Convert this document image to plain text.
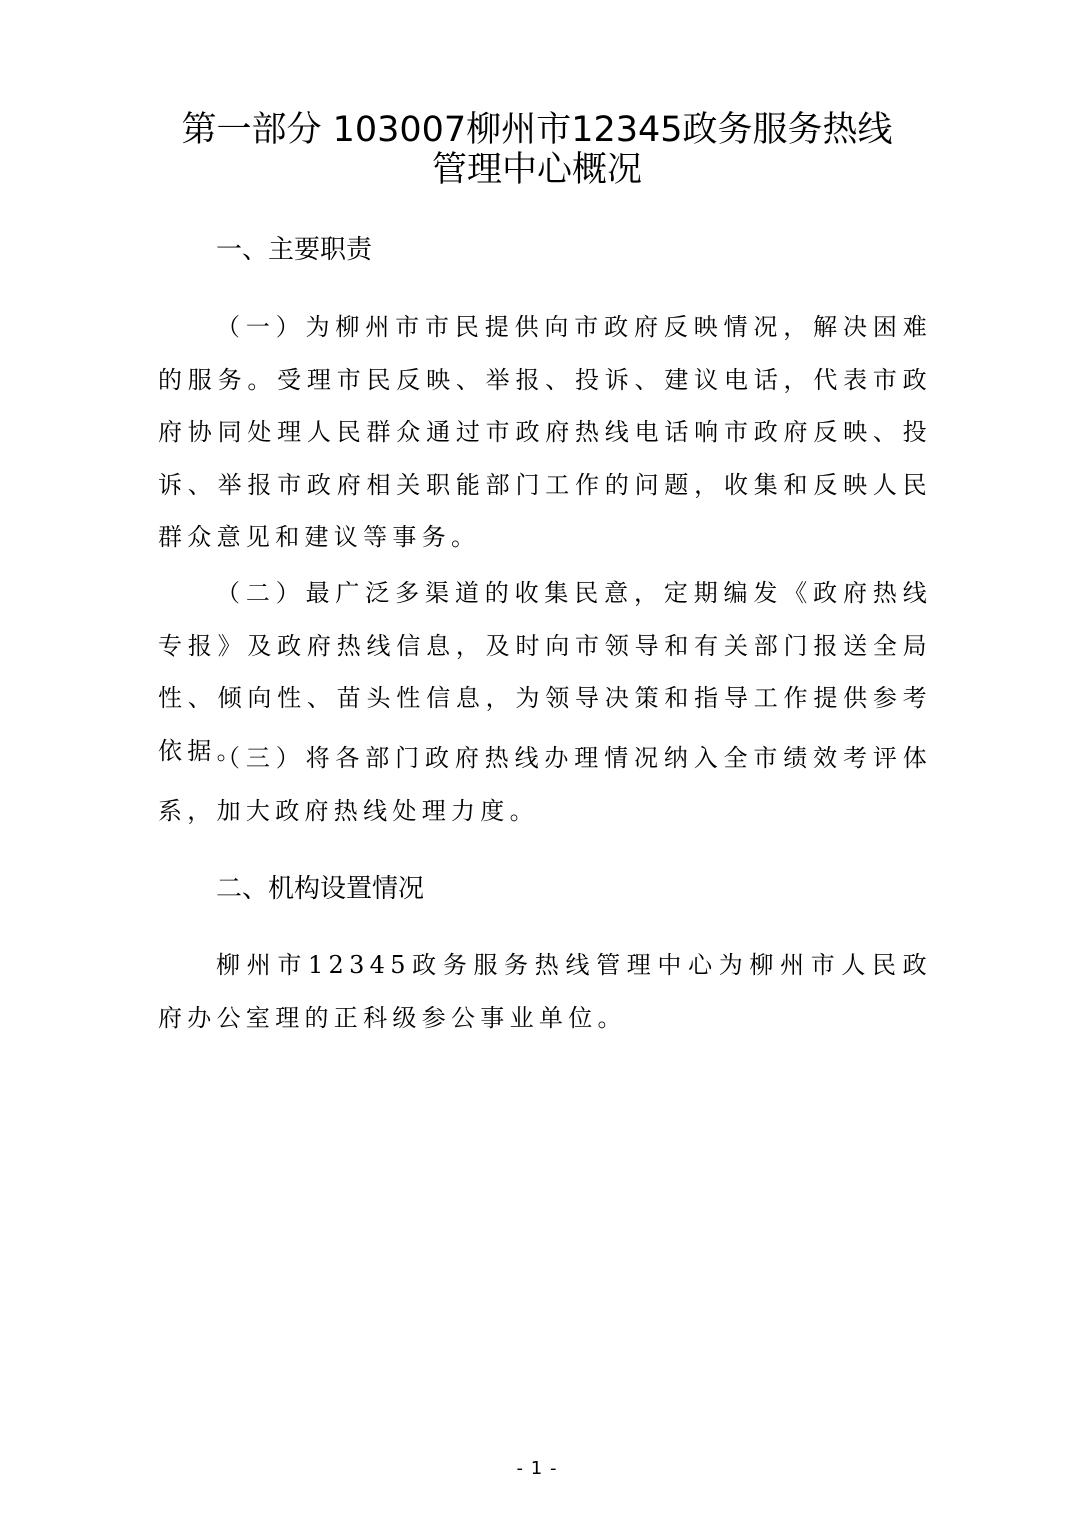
第一部分 103007柳州市12345政务服务热线
管理中心概况
一、主要职责

（一）为柳州市市民提供向市政府反映情况，解决困难的服务。受理市民反映、举报、投诉、建议电话，代表市政府协同处理人民群众通过市政府热线电话响市政府反映、投诉、举报市政府相关职能部门工作的问题，收集和反映人民群众意见和建议等事务。

（二）最广泛多渠道的收集民意，定期编发《政府热线专报》及政府热线信息，及时向市领导和有关部门报送全局性、倾向性、苗头性信息，为领导决策和指导工作提供参考依据。

（三）将各部门政府热线办理情况纳入全市绩效考评体系，加大政府热线处理力度。

二、机构设置情况

柳州市12345政务服务热线管理中心为柳州市人民政府办公室理的正科级参公事业单位。

- 1 -
